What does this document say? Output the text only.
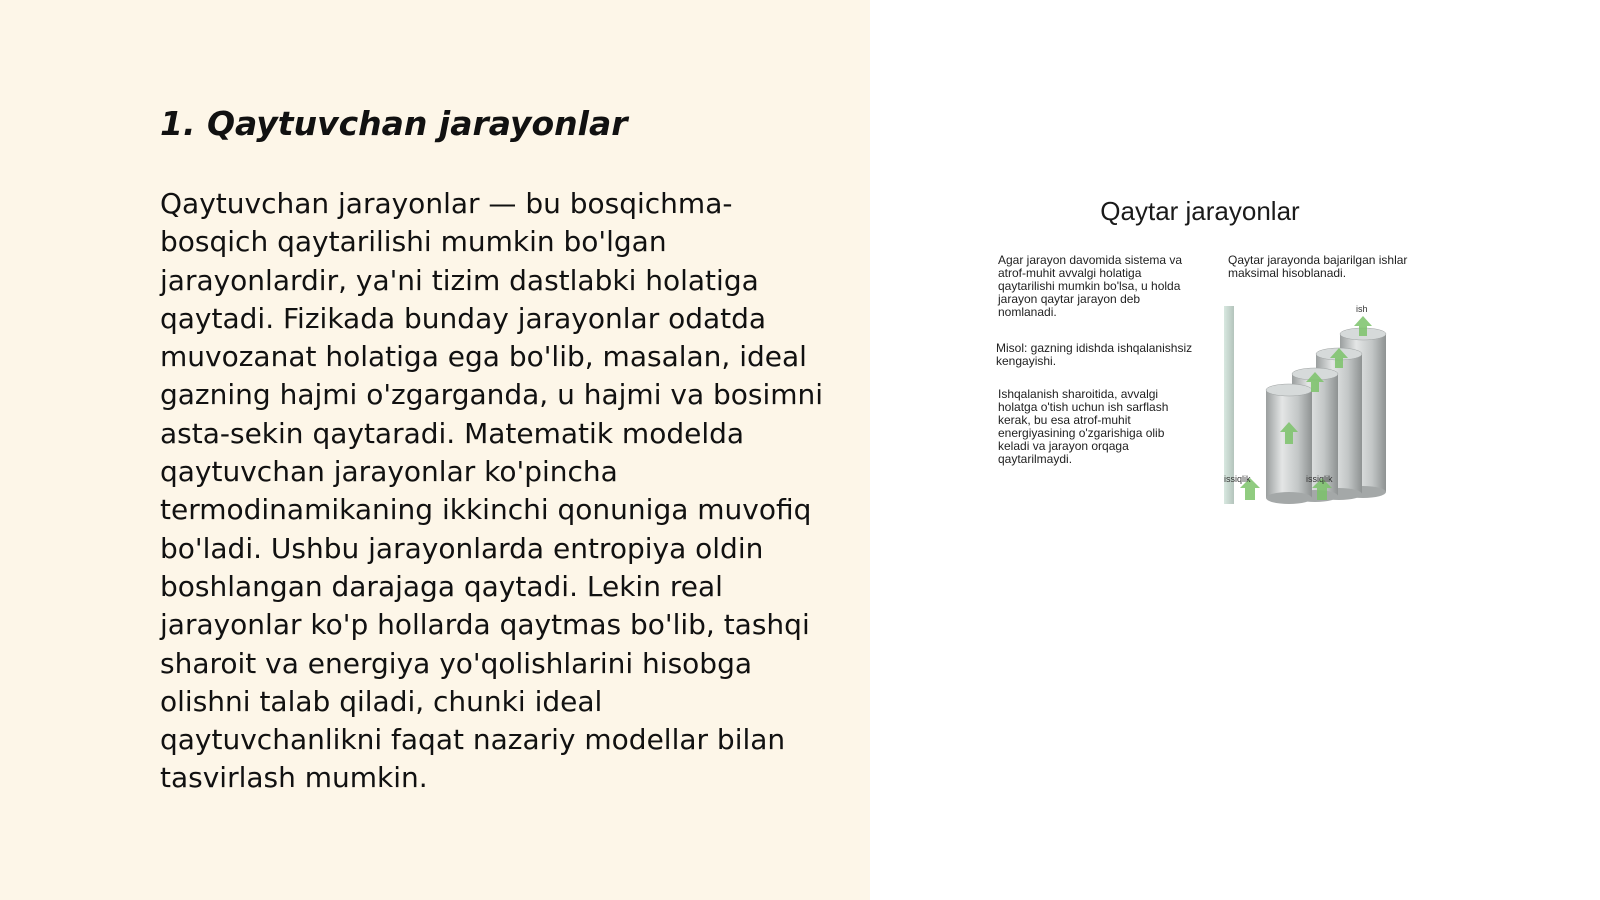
1. Qaytuvchan jarayonlar

Qaytuvchan jarayonlar — bu bosqichma-bosqich qaytarilishi mumkin bo'lgan jarayonlardir, ya'ni tizim dastlabki holatiga qaytadi. Fizikada bunday jarayonlar odatda muvozanat holatiga ega bo'lib, masalan, ideal gazning hajmi o'zgarganda, u hajmi va bosimni asta-sekin qaytaradi. Matematik modelda qaytuvchan jarayonlar ko'pincha termodinamikaning ikkinchi qonuniga muvofiq bo'ladi. Ushbu jarayonlarda entropiya oldin boshlangan darajaga qaytadi. Lekin real jarayonlar ko'p hollarda qaytmas bo'lib, tashqi sharoit va energiya yo'qolishlarini hisobga olishni talab qiladi, chunki ideal qaytuvchanlikni faqat nazariy modellar bilan tasvirlash mumkin.

Qaytar jarayonlar

Agar jarayon davomida sistema va atrof-muhit avvalgi holatiga qaytarilishi mumkin bo'lsa, u holda jarayon qaytar jarayon deb nomlanadi.

Misol: gazning idishda ishqalanishsiz kengayishi.

Ishqalanish sharoitida, avvalgi holatga o'tish uchun ish sarflash kerak, bu esa atrof-muhit energiyasining o'zgarishiga olib keladi va jarayon orqaga qaytarilmaydi.

Qaytar jarayonda bajarilgan ishlar maksimal hisoblanadi.

ish
issiqlik	issiqlik
